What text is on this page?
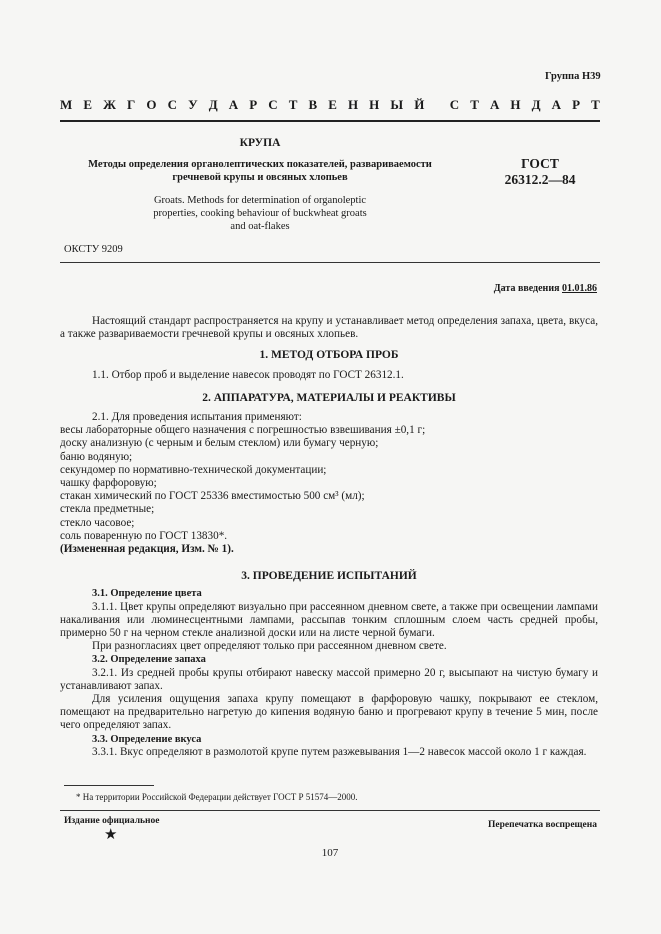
Группа Н39
М Е Ж Г О С У Д А Р С Т В Е Н Н Ы Й
С Т А Н Д А Р Т
КРУПА
Методы определения органолептических показателей, развариваемости
гречневой крупы и овсяных хлопьев
ГОСТ
26312.2—84
Groats. Methods for determination of organoleptic
properties, cooking behaviour of buckwheat groats
and oat-flakes
ОКСТУ 9209
Дата введения 01.01.86

Настоящий стандарт распространяется на крупу и устанавливает метод определения запаха, цвета, вкуса, а также развариваемости гречневой крупы и овсяных хлопьев.

1. МЕТОД ОТБОРА ПРОБ

1.1. Отбор проб и выделение навесок проводят по ГОСТ 26312.1.

2. АППАРАТУРА, МАТЕРИАЛЫ И РЕАКТИВЫ

2.1. Для проведения испытания применяют:

весы лабораторные общего назначения с погрешностью взвешивания ±0,1 г;

доску анализную (с черным и белым стеклом) или бумагу черную;

баню водяную;

секундомер по нормативно-технической документации;

чашку фарфоровую;

стакан химический по ГОСТ 25336 вместимостью 500 см³ (мл);

стекла предметные;

стекло часовое;

соль поваренную по ГОСТ 13830*.

(Измененная редакция, Изм. № 1).

3. ПРОВЕДЕНИЕ ИСПЫТАНИЙ

3.1. Определение цвета

3.1.1. Цвет крупы определяют визуально при рассеянном дневном свете, а также при освещении лампами накаливания или люминесцентными лампами, рассыпав тонким сплошным слоем часть средней пробы, примерно 50 г на черном стекле анализной доски или на листе черной бумаги.

При разногласиях цвет определяют только при рассеянном дневном свете.

3.2. Определение запаха

3.2.1. Из средней пробы крупы отбирают навеску массой примерно 20 г, высыпают на чистую бумагу и устанавливают запах.

Для усиления ощущения запаха крупу помещают в фарфоровую чашку, покрывают ее стеклом, помещают на предварительно нагретую до кипения водяную баню и прогревают крупу в течение 5 мин, после чего определяют запах.

3.3. Определение вкуса

3.3.1. Вкус определяют в размолотой крупе путем разжевывания 1—2 навесок массой около 1 г каждая.

* На территории Российской Федерации действует ГОСТ Р 51574—2000.
Издание официальное
★
Перепечатка воспрещена
107
